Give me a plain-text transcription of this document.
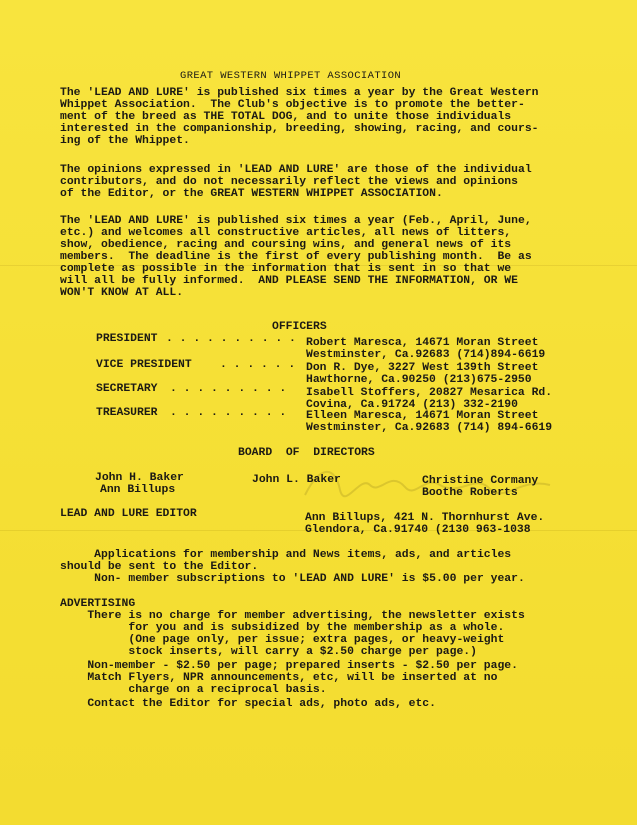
GREAT WESTERN WHIPPET ASSOCIATION
The 'LEAD AND LURE' is published six times a year by the Great Western
Whippet Association.  The Club's objective is to promote the better-
ment of the breed as THE TOTAL DOG, and to unite those individuals
interested in the companionship, breeding, showing, racing, and cours-
ing of the Whippet.
The opinions expressed in 'LEAD AND LURE' are those of the individual
contributors, and do not necessarily reflect the views and opinions
of the Editor, or the GREAT WESTERN WHIPPET ASSOCIATION.
The 'LEAD AND LURE' is published six times a year (Feb., April, June,
etc.) and welcomes all constructive articles, all news of litters,
show, obedience, racing and coursing wins, and general news of its
members.  The deadline is the first of every publishing month.  Be as
complete as possible in the information that is sent in so that we
will all be fully informed.  AND PLEASE SEND THE INFORMATION, OR WE
WON'T KNOW AT ALL.
OFFICERS
PRESIDENT . . . . . . . . . . Robert Maresca, 14671 Moran Street
Westminster, Ca.92683 (714)894-6619
VICE PRESIDENT . . . . . . Don R. Dye, 3227 West 139th Street
Hawthorne, Ca.90250 (213)675-2950
SECRETARY . . . . . . . . . Isabell Stoffers, 20827 Mesarica Rd.
Covina, Ca.91724 (213) 332-2190
TREASURER . . . . . . . . . Elleen Maresca, 14671 Moran Street
Westminster, Ca.92683 (714) 894-6619
BOARD  OF  DIRECTORS
John H. Baker
Ann Billups
John L. Baker	Christine Cormany
Boothe Roberts
LEAD AND LURE EDITOR	Ann Billups, 421 N. Thornhurst Ave.
Glendora, Ca.91740 (2130 963-1038
Applications for membership and News items, ads, and articles
should be sent to the Editor.
Non- member subscriptions to 'LEAD AND LURE' is $5.00 per year.
ADVERTISING
There is no charge for member advertising, the newsletter exists
for you and is subsidized by the membership as a whole.
(One page only, per issue; extra pages, or heavy-weight
stock inserts, will carry a $2.50 charge per page.)
Non-member - $2.50 per page; prepared inserts - $2.50 per page.
Match Flyers, NPR announcements, etc, will be inserted at no
charge on a reciprocal basis.
Contact the Editor for special ads, photo ads, etc.
